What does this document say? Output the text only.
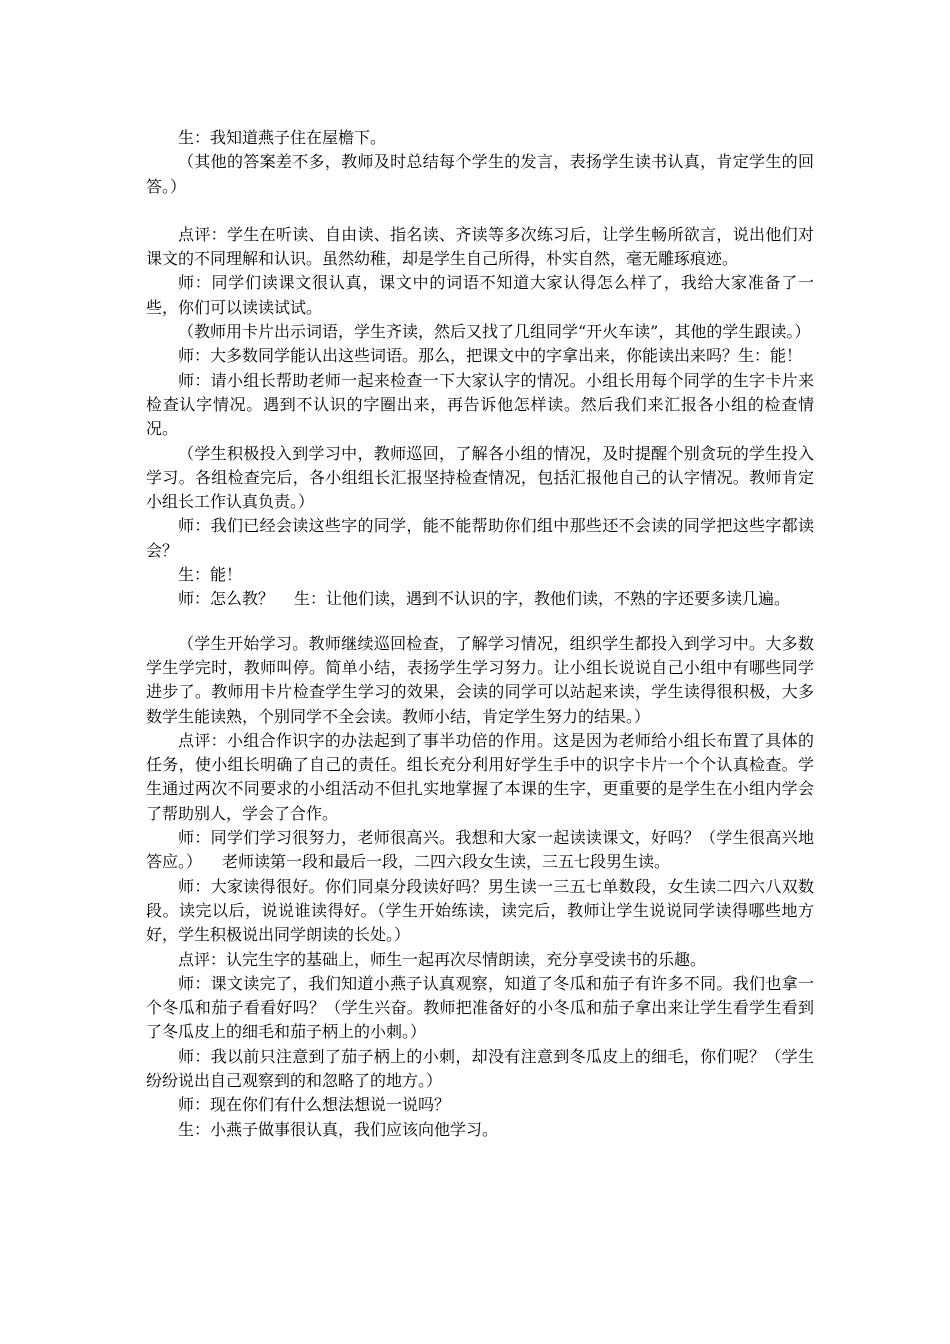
生：我知道燕子住在屋檐下。

（其他的答案差不多，教师及时总结每个学生的发言，表扬学生读书认真，肯定学生的回答。）

点评：学生在听读、自由读、指名读、齐读等多次练习后，让学生畅所欲言，说出他们对课文的不同理解和认识。虽然幼稚，却是学生自己所得，朴实自然，毫无雕琢痕迹。

师：同学们读课文很认真，课文中的词语不知道大家认得怎么样了，我给大家准备了一些，你们可以读读试试。

（教师用卡片出示词语，学生齐读，然后又找了几组同学“开火车读”，其他的学生跟读。）

师：大多数同学能认出这些词语。那么，把课文中的字拿出来，你能读出来吗？生：能！

师：请小组长帮助老师一起来检查一下大家认字的情况。小组长用每个同学的生字卡片来检查认字情况。遇到不认识的字圈出来，再告诉他怎样读。然后我们来汇报各小组的检查情况。

（学生积极投入到学习中，教师巡回，了解各小组的情况，及时提醒个别贪玩的学生投入学习。各组检查完后，各小组组长汇报坚持检查情况，包括汇报他自己的认字情况。教师肯定小组长工作认真负责。）

师：我们已经会读这些字的同学，能不能帮助你们组中那些还不会读的同学把这些字都读会？

生：能！

师：怎么教？ 生：让他们读，遇到不认识的字，教他们读，不熟的字还要多读几遍。

（学生开始学习。教师继续巡回检查，了解学习情况，组织学生都投入到学习中。大多数学生学完时，教师叫停。简单小结，表扬学生学习努力。让小组长说说自己小组中有哪些同学进步了。教师用卡片检查学生学习的效果，会读的同学可以站起来读，学生读得很积极，大多数学生能读熟，个别同学不全会读。教师小结，肯定学生努力的结果。）

点评：小组合作识字的办法起到了事半功倍的作用。这是因为老师给小组长布置了具体的任务，使小组长明确了自己的责任。组长充分利用好学生手中的识字卡片一个个认真检查。学生通过两次不同要求的小组活动不但扎实地掌握了本课的生字，更重要的是学生在小组内学会了帮助别人，学会了合作。

师：同学们学习很努力，老师很高兴。我想和大家一起读读课文，好吗？（学生很高兴地答应。） 老师读第一段和最后一段，二四六段女生读，三五七段男生读。

师：大家读得很好。你们同桌分段读好吗？男生读一三五七单数段，女生读二四六八双数段。读完以后，说说谁读得好。（学生开始练读，读完后，教师让学生说说同学读得哪些地方好，学生积极说出同学朗读的长处。）

点评：认完生字的基础上，师生一起再次尽情朗读，充分享受读书的乐趣。

师：课文读完了，我们知道小燕子认真观察，知道了冬瓜和茄子有许多不同。我们也拿一个冬瓜和茄子看看好吗？（学生兴奋。教师把准备好的小冬瓜和茄子拿出来让学生看学生看到了冬瓜皮上的细毛和茄子柄上的小刺。）

师：我以前只注意到了茄子柄上的小刺，却没有注意到冬瓜皮上的细毛，你们呢？（学生纷纷说出自己观察到的和忽略了的地方。）

师：现在你们有什么想法想说一说吗？

生：小燕子做事很认真，我们应该向他学习。
